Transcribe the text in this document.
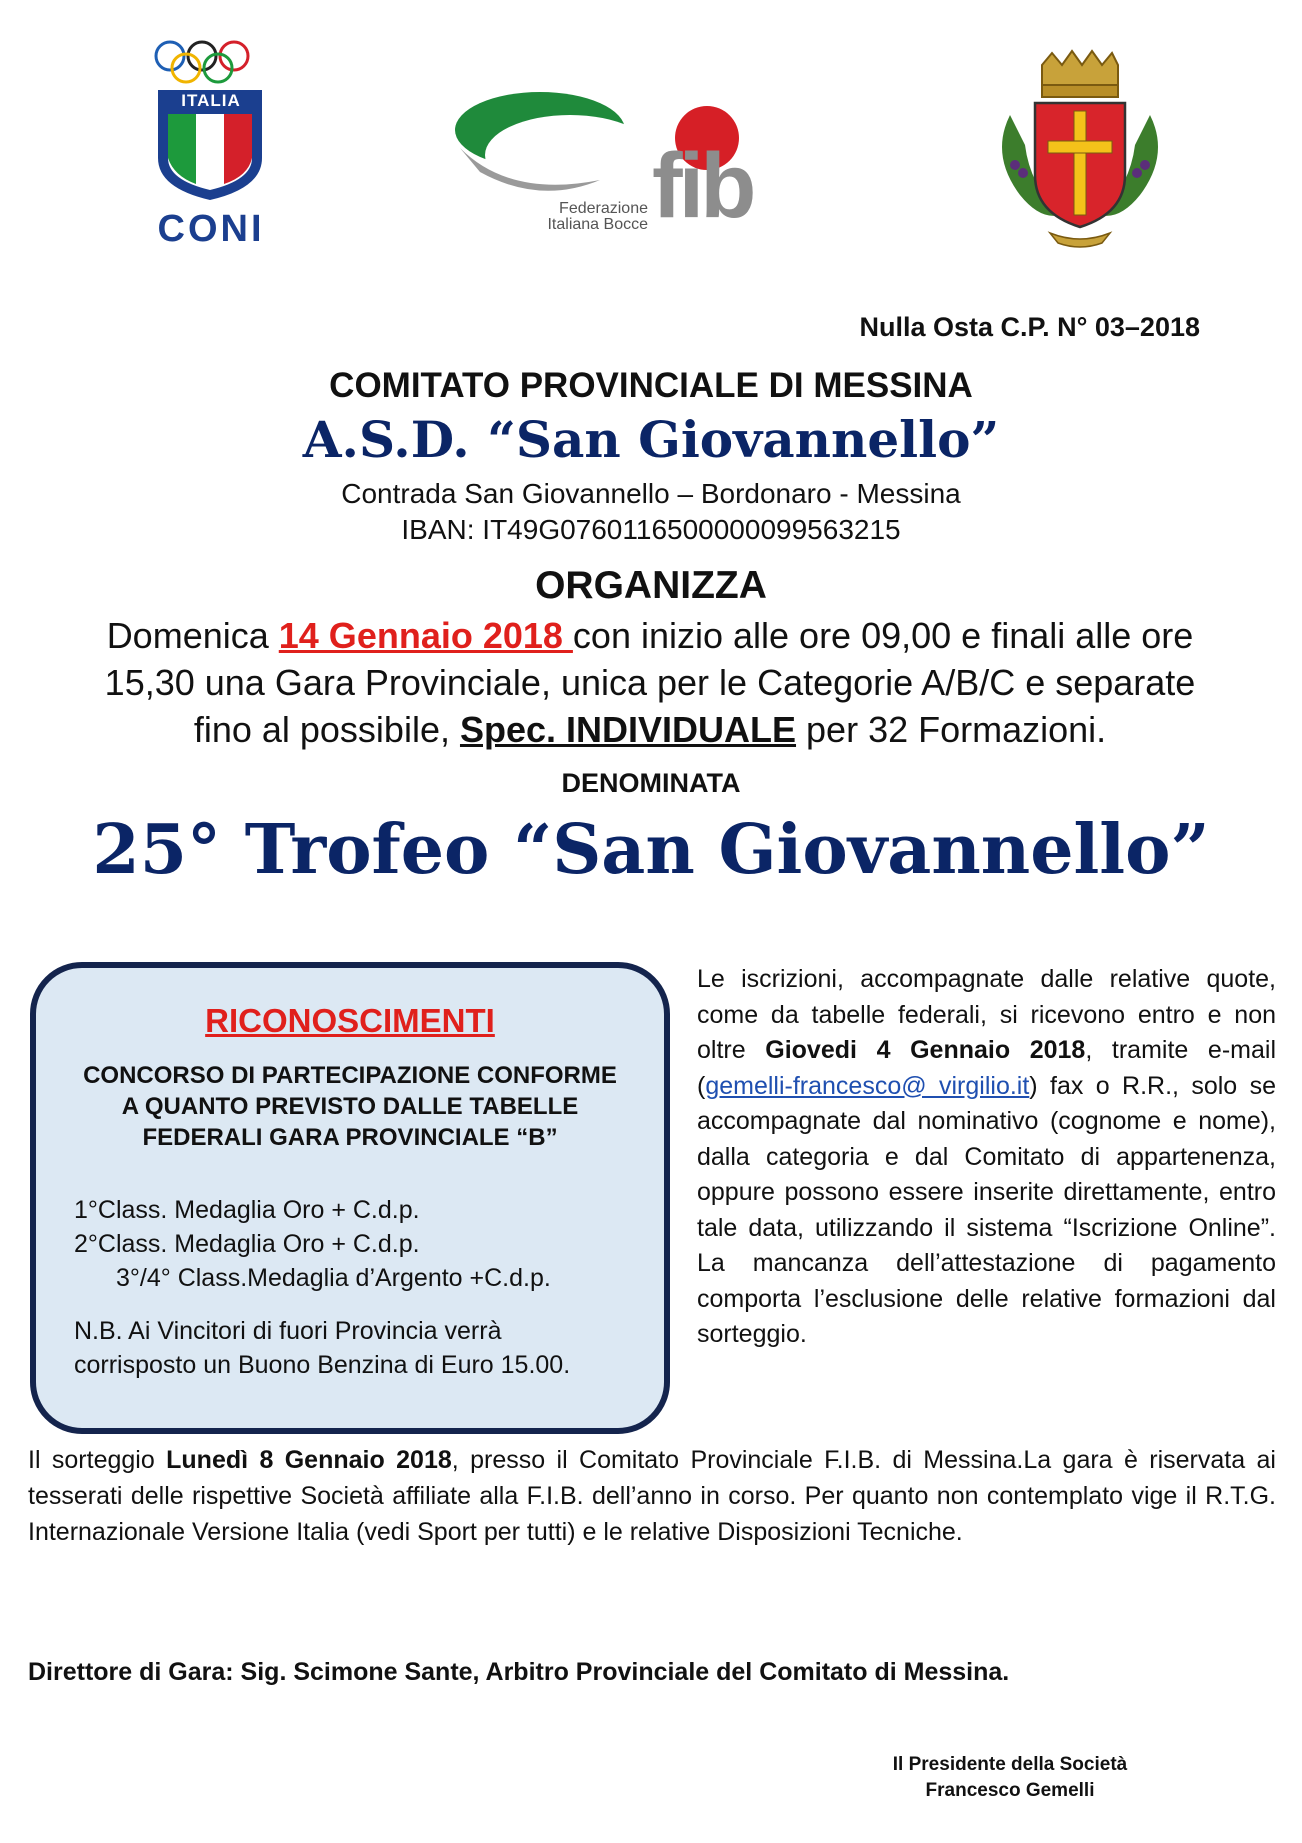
ITALIA
CONI	fib
Federazione
Italiana Bocce
Nulla Osta C.P. N° 03–2018
COMITATO PROVINCIALE DI MESSINA
A.S.D. “San Giovannello”
Contrada San Giovannello – Bordonaro - Messina
IBAN: IT49G0760116500000099563215
ORGANIZZA
Domenica 14 Gennaio 2018 con inizio alle ore 09,00 e finali alle ore
15,30 una Gara Provinciale, unica per le Categorie A/B/C e separate
fino al possibile, Spec. INDIVIDUALE per 32 Formazioni.
DENOMINATA
25° Trofeo “San Giovannello”
RICONOSCIMENTI
CONCORSO DI PARTECIPAZIONE CONFORME A QUANTO PREVISTO DALLE TABELLE FEDERALI GARA PROVINCIALE “B”
1°Class. Medaglia Oro + C.d.p.
2°Class. Medaglia Oro + C.d.p.
3°/4° Class.Medaglia d’Argento +C.d.p.
N.B. Ai Vincitori di fuori Provincia verrà corrisposto un Buono Benzina di Euro 15.00.
Le iscrizioni, accompagnate dalle relative quote, come da tabelle federali, si ricevono entro e non oltre Giovedi 4 Gennaio 2018, tramite e-mail (gemelli-francesco@ virgilio.it) fax o R.R., solo se accompagnate dal nominativo (cognome e nome), dalla categoria e dal Comitato di appartenenza, oppure possono essere inserite direttamente, entro tale data, utilizzando il sistema “Iscrizione Online”. La mancanza dell’attestazione di pagamento comporta l’esclusione delle relative formazioni dal sorteggio.
Il sorteggio Lunedì 8 Gennaio 2018, presso il Comitato Provinciale F.I.B. di Messina.La gara è riservata ai tesserati delle rispettive Società affiliate alla F.I.B. dell’anno in corso. Per quanto non contemplato vige il R.T.G. Internazionale Versione Italia (vedi Sport per tutti) e le relative Disposizioni Tecniche.
Direttore di Gara: Sig. Scimone Sante, Arbitro Provinciale del Comitato di Messina.
Il Presidente della Società
Francesco Gemelli
